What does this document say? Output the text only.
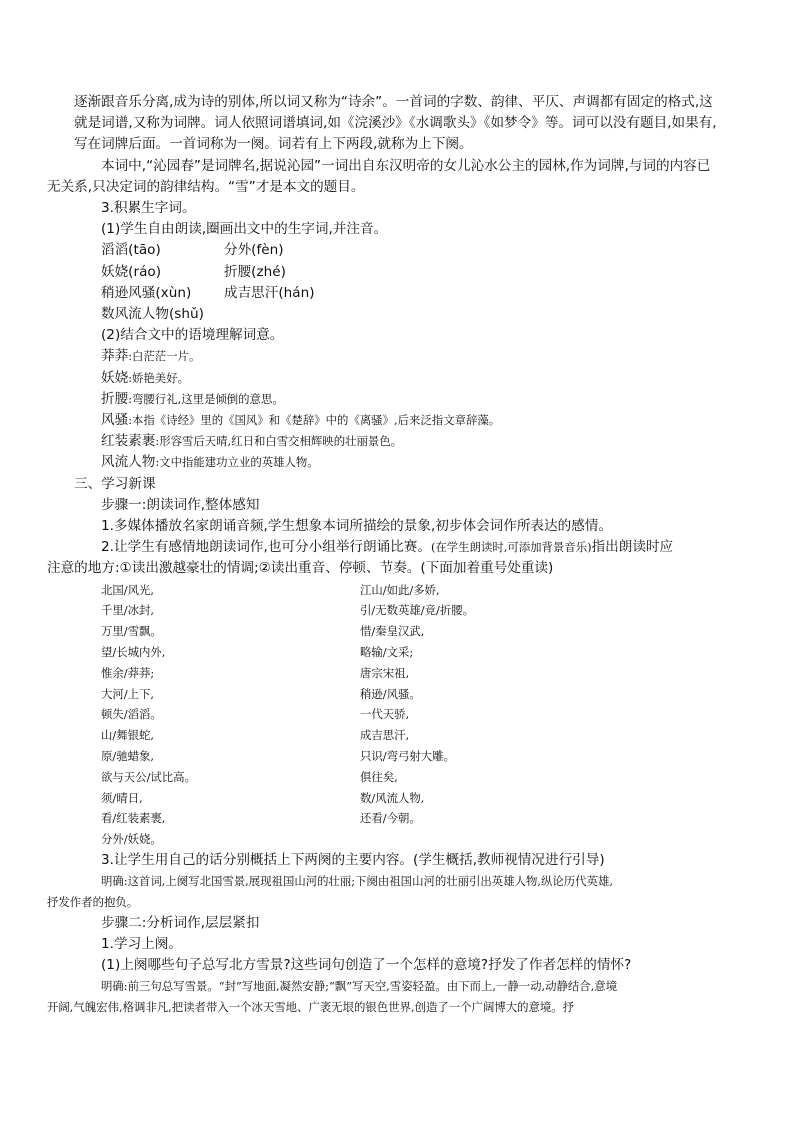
逐渐跟音乐分离,成为诗的别体,所以词又称为“诗余”。一首词的字数、韵律、平仄、声调都有固定的格式,这
就是词谱,又称为词牌。词人依照词谱填词,如《浣溪沙》《水调歌头》《如梦令》等。词可以没有题目,如果有,
写在词牌后面。一首词称为一阕。词若有上下两段,就称为上下阕。

本词中,“沁园春”是词牌名,据说沁园”一词出自东汉明帝的女儿沁水公主的园林,作为词牌,与词的内容已
无关系,只决定词的韵律结构。“雪”才是本文的题目。

3.积累生字词。

(1)学生自由朗读,圈画出文中的生字词,并注音。

滔滔(tāo)	分外(fèn)
妖娆(ráo)	折腰(zhé)
稍逊风骚(xùn)	成吉思汗(hán)
数风流人物(shǔ)

(2)结合文中的语境理解词意。

莽莽:白茫茫一片。
妖娆:娇艳美好。
折腰:弯腰行礼,这里是倾倒的意思。
风骚:本指《诗经》里的《国风》和《楚辞》中的《离骚》,后来泛指文章辞藻。
红装素裹:形容雪后天晴,红日和白雪交相辉映的壮丽景色。
风流人物:文中指能建功立业的英雄人物。

三、学习新课

步骤一:朗读词作,整体感知

1.多媒体播放名家朗诵音频,学生想象本词所描绘的景象,初步体会词作所表达的感情。

2.让学生有感情地朗读词作,也可分小组举行朗诵比赛。(在学生朗读时,可添加背景音乐)指出朗读时应
注意的地方:①读出激越豪壮的情调;②读出重音、停顿、节奏。(下面加着重号处重读)

北国/风光,	江山/如此/多娇,
千里/冰封,	引/无数英雄/竞/折腰。
万里/雪飘。	惜/秦皇汉武,
望/长城内外,	略输/文采;
惟余/莽莽;	唐宗宋祖,
大河/上下,	稍逊/风骚。
顿失/滔滔。	一代天骄,
山/舞银蛇,	成吉思汗,
原/驰蜡象,	只识/弯弓射大雕。
欲与天公/试比高。	俱往矣,
须/晴日,	数/风流人物,
看/红装素裹,	还看/今朝。
分外/妖娆。

3.让学生用自己的话分别概括上下两阕的主要内容。(学生概括,教师视情况进行引导)

明确:这首词,上阕写北国雪景,展现祖国山河的壮丽;下阕由祖国山河的壮丽引出英雄人物,纵论历代英雄,
抒发作者的抱负。

步骤二:分析词作,层层紧扣

1.学习上阕。

(1)上阕哪些句子总写北方雪景?这些词句创造了一个怎样的意境?抒发了作者怎样的情怀?

明确:前三句总写雪景。“封”写地面,凝然安静;“飘”写天空,雪姿轻盈。由下而上,一静一动,动静结合,意境
开阔,气魄宏伟,格调非凡,把读者带入一个冰天雪地、广袤无垠的银色世界,创造了一个广阔博大的意境。抒
